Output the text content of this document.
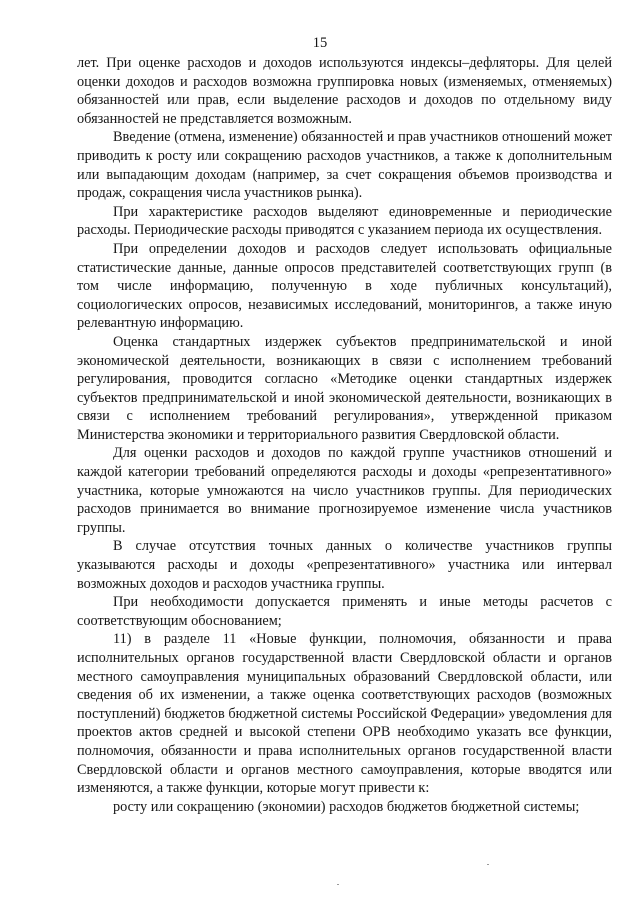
15

лет. При оценке расходов и доходов используются индексы–дефляторы. Для целей оценки доходов и расходов возможна группировка новых (изменяемых, отменяемых) обязанностей или прав, если выделение расходов и доходов по отдельному виду обязанностей не представляется возможным.

Введение (отмена, изменение) обязанностей и прав участников отношений может приводить к росту или сокращению расходов участников, а также к дополнительным или выпадающим доходам (например, за счет сокращения объемов производства и продаж, сокращения числа участников рынка).

При характеристике расходов выделяют единовременные и периодические расходы. Периодические расходы приводятся с указанием периода их осуществления.

При определении доходов и расходов следует использовать официальные статистические данные, данные опросов представителей соответствующих групп (в том числе информацию, полученную в ходе публичных консультаций), социологических опросов, независимых исследований, мониторингов, а также иную релевантную информацию.

Оценка стандартных издержек субъектов предпринимательской и иной экономической деятельности, возникающих в связи с исполнением требований регулирования, проводится согласно «Методике оценки стандартных издержек субъектов предпринимательской и иной экономической деятельности, возникающих в связи с исполнением требований регулирования», утвержденной приказом Министерства экономики и территориального развития Свердловской области.

Для оценки расходов и доходов по каждой группе участников отношений и каждой категории требований определяются расходы и доходы «репрезентативного» участника, которые умножаются на число участников группы. Для периодических расходов принимается во внимание прогнозируемое изменение числа участников группы.

В случае отсутствия точных данных о количестве участников группы указываются расходы и доходы «репрезентативного» участника или интервал возможных доходов и расходов участника группы.

При необходимости допускается применять и иные методы расчетов с соответствующим обоснованием;

11) в разделе 11 «Новые функции, полномочия, обязанности и права исполнительных органов государственной власти Свердловской области и органов местного самоуправления муниципальных образований Свердловской области, или сведения об их изменении, а также оценка соответствующих расходов (возможных поступлений) бюджетов бюджетной системы Российской Федерации» уведомления для проектов актов средней и высокой степени ОРВ необходимо указать все функции, полномочия, обязанности и права исполнительных органов государственной власти Свердловской области и органов местного самоуправления, которые вводятся или изменяются, а также функции, которые могут привести к:

росту или сокращению (экономии) расходов бюджетов бюджетной системы;
